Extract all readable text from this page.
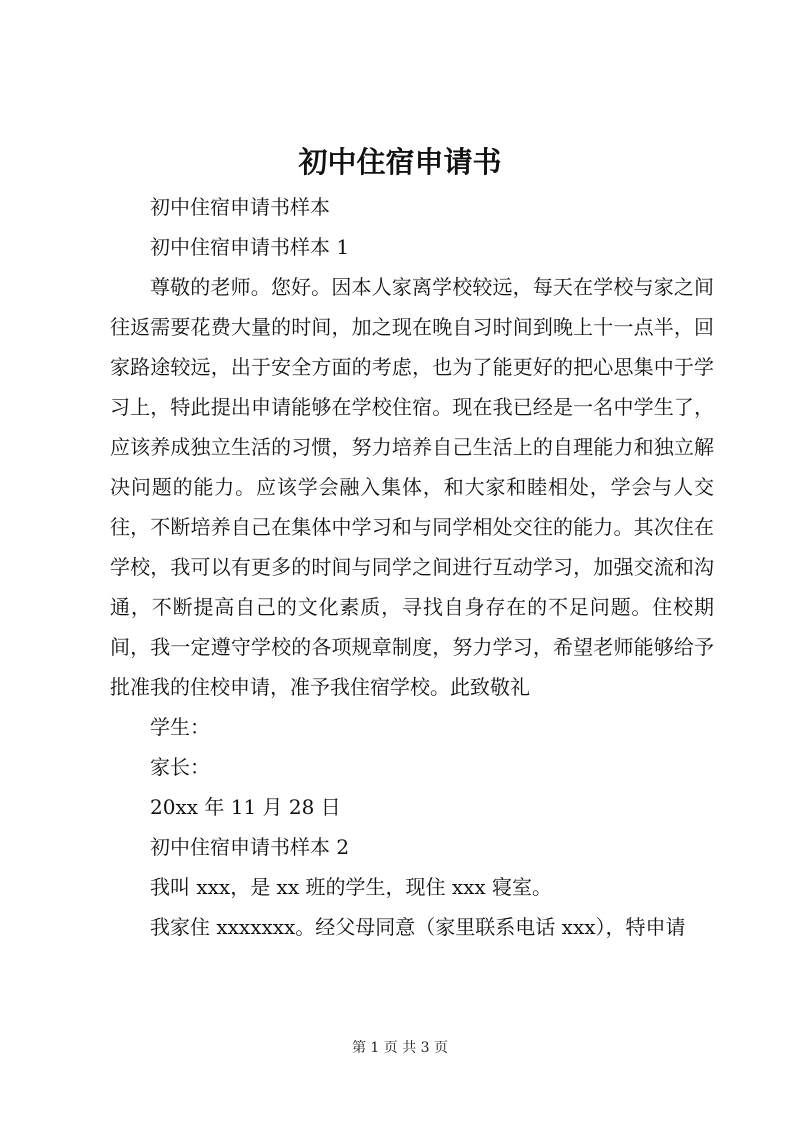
初中住宿申请书

初中住宿申请书样本

初中住宿申请书样本 1

尊敬的老师。您好。因本人家离学校较远，每天在学校与家之间往返需要花费大量的时间，加之现在晚自习时间到晚上十一点半，回家路途较远，出于安全方面的考虑，也为了能更好的把心思集中于学习上，特此提出申请能够在学校住宿。现在我已经是一名中学生了，应该养成独立生活的习惯，努力培养自己生活上的自理能力和独立解决问题的能力。应该学会融入集体，和大家和睦相处，学会与人交往，不断培养自己在集体中学习和与同学相处交往的能力。其次住在学校，我可以有更多的时间与同学之间进行互动学习，加强交流和沟通，不断提高自己的文化素质，寻找自身存在的不足问题。住校期间，我一定遵守学校的各项规章制度，努力学习，希望老师能够给予批准我的住校申请，准予我住宿学校。此致敬礼

学生：

家长：

20xx 年 11 月 28 日

初中住宿申请书样本 2

我叫 xxx，是 xx 班的学生，现住 xxx 寝室。

我家住 xxxxxxx。经父母同意（家里联系电话 xxx），特申请

第 1 页 共 3 页
